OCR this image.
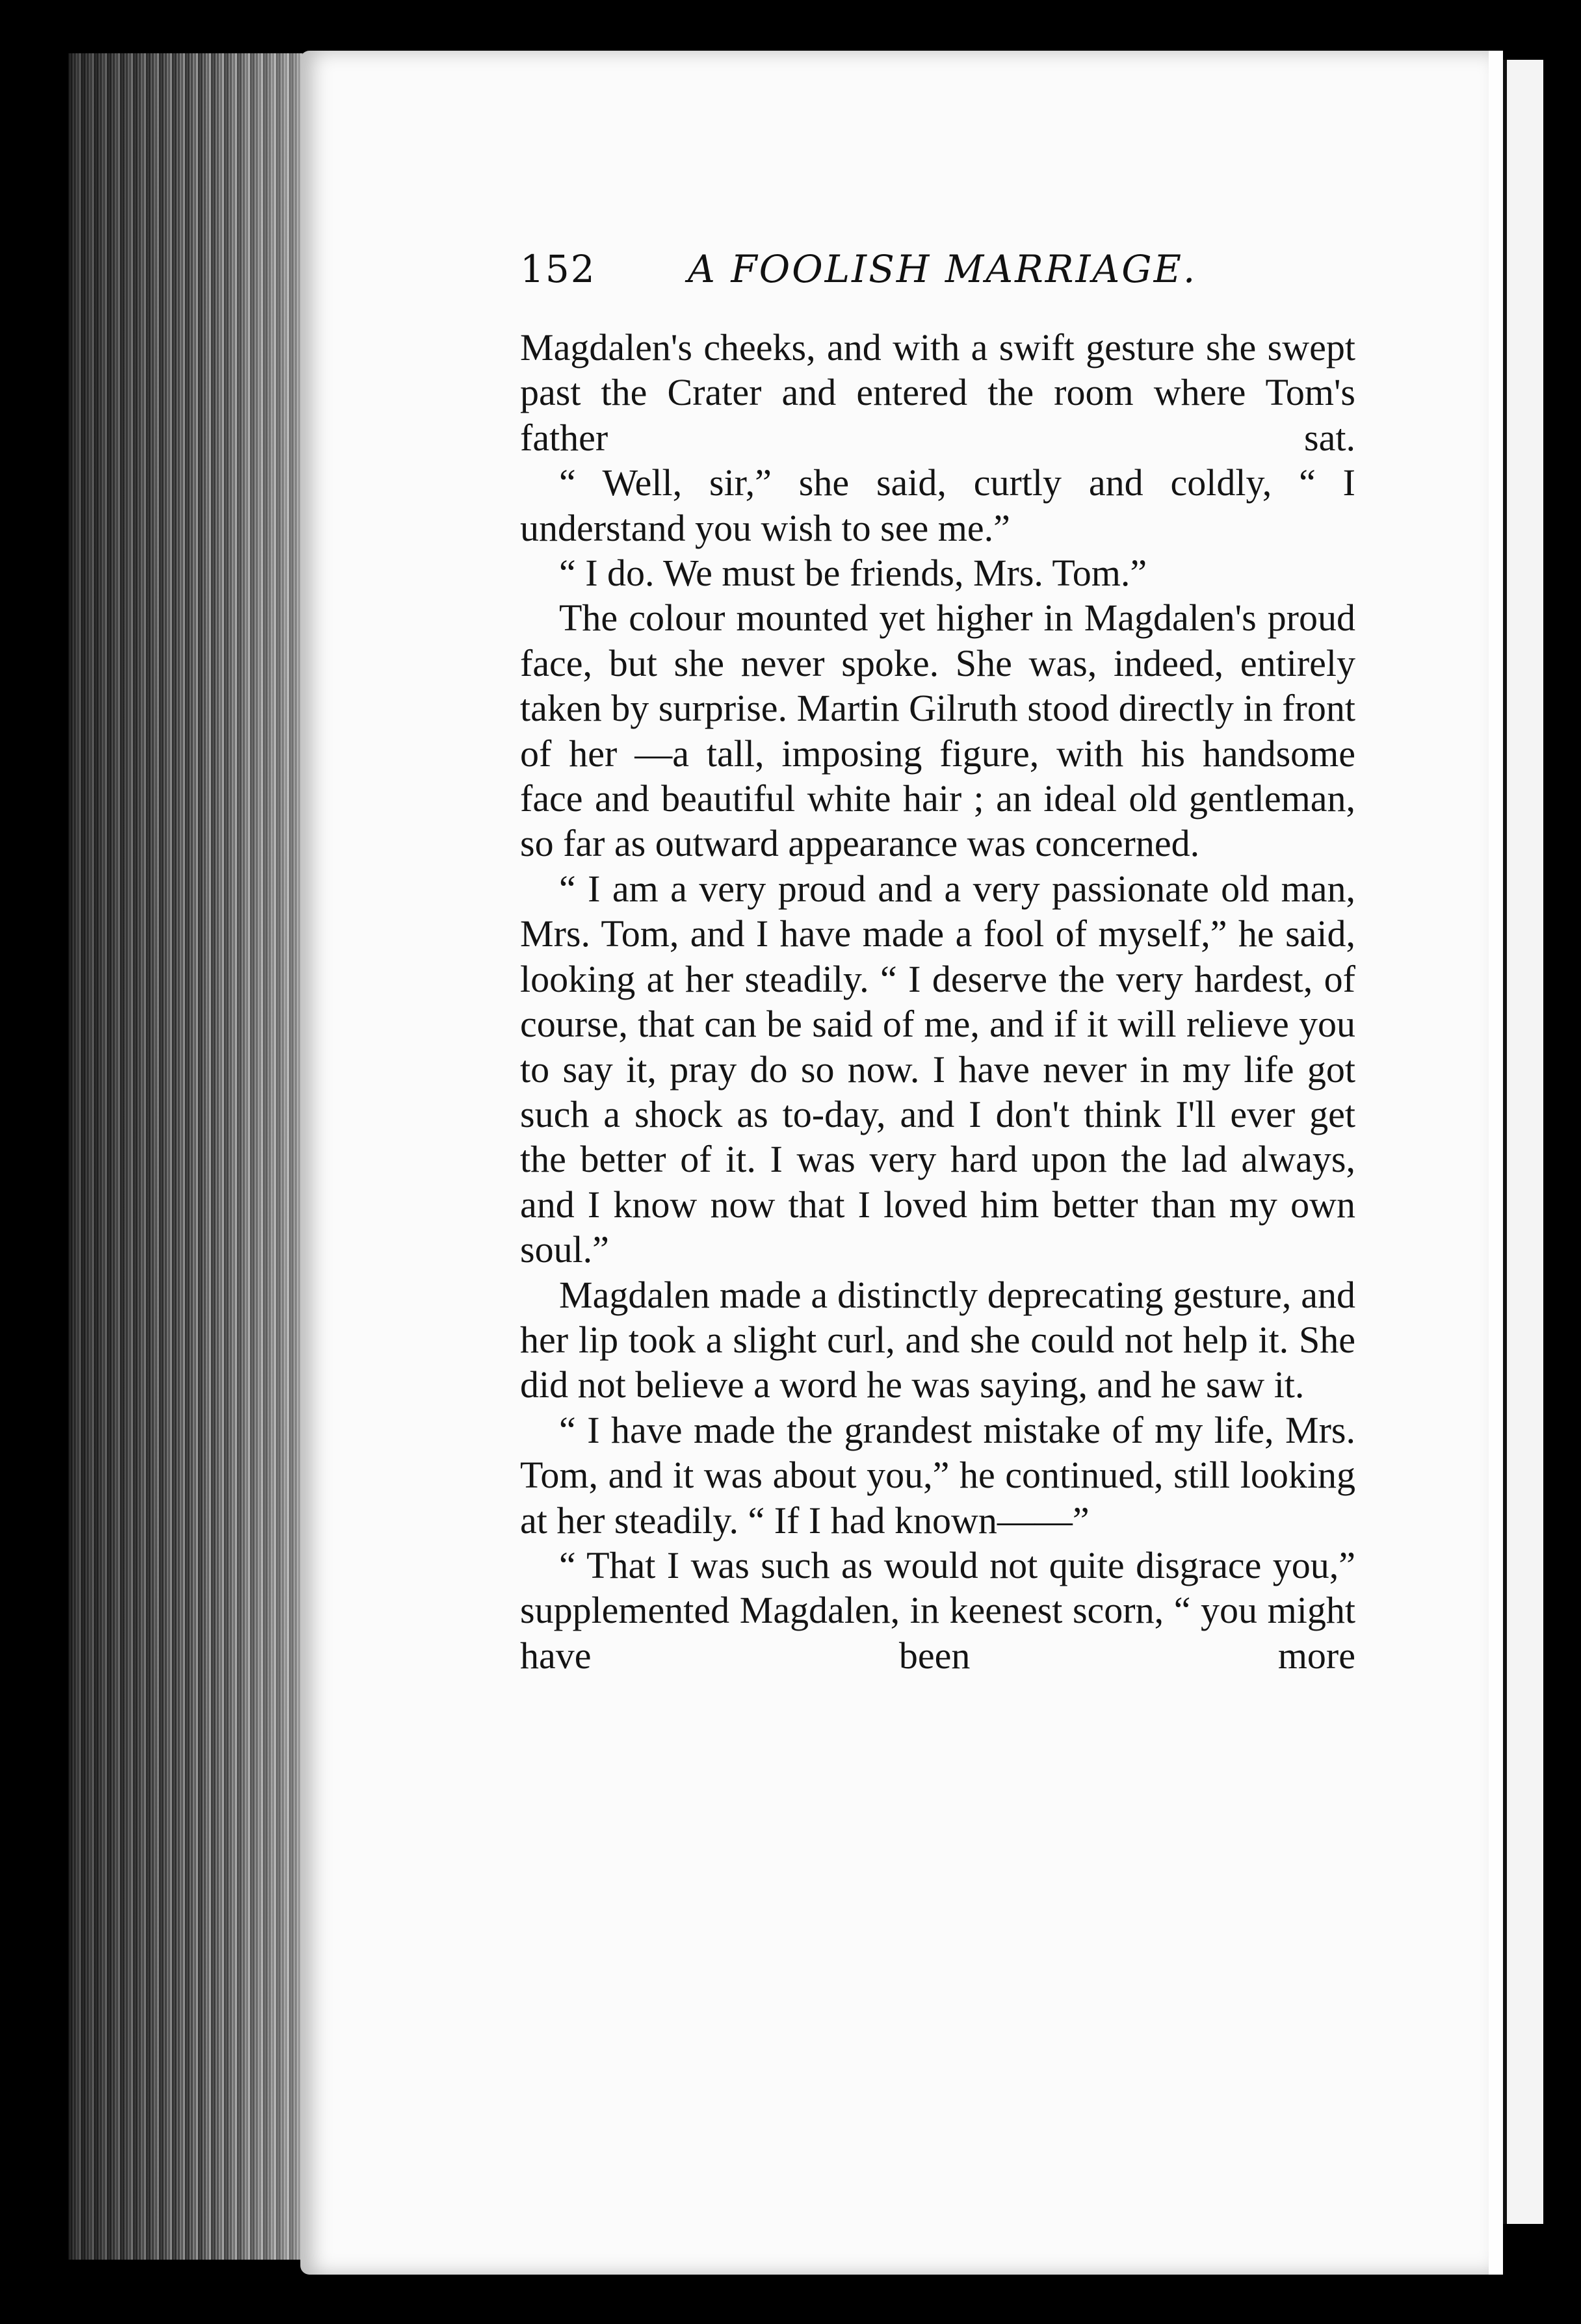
152 A FOOLISH MARRIAGE.

Magdalen's cheeks, and with a swift gesture she swept past the Crater and entered the room where Tom's father sat.

“ Well, sir,” she said, curtly and coldly, “ I understand you wish to see me.”

“ I do. We must be friends, Mrs. Tom.”

The colour mounted yet higher in Magdalen's proud face, but she never spoke. She was, indeed, entirely taken by surprise. Martin Gilruth stood directly in front of her —a tall, imposing figure, with his handsome face and beautiful white hair ; an ideal old gentleman, so far as outward appearance was concerned.

“ I am a very proud and a very passionate old man, Mrs. Tom, and I have made a fool of myself,” he said, looking at her steadily. “ I deserve the very hardest, of course, that can be said of me, and if it will relieve you to say it, pray do so now. I have never in my life got such a shock as to-day, and I don't think I'll ever get the better of it. I was very hard upon the lad always, and I know now that I loved him better than my own soul.”

Magdalen made a distinctly deprecating gesture, and her lip took a slight curl, and she could not help it. She did not believe a word he was saying, and he saw it.

“ I have made the grandest mistake of my life, Mrs. Tom, and it was about you,” he continued, still looking at her steadily. “ If I had known——”

“ That I was such as would not quite disgrace you,” supplemented Magdalen, in keenest scorn, “ you might have been more
